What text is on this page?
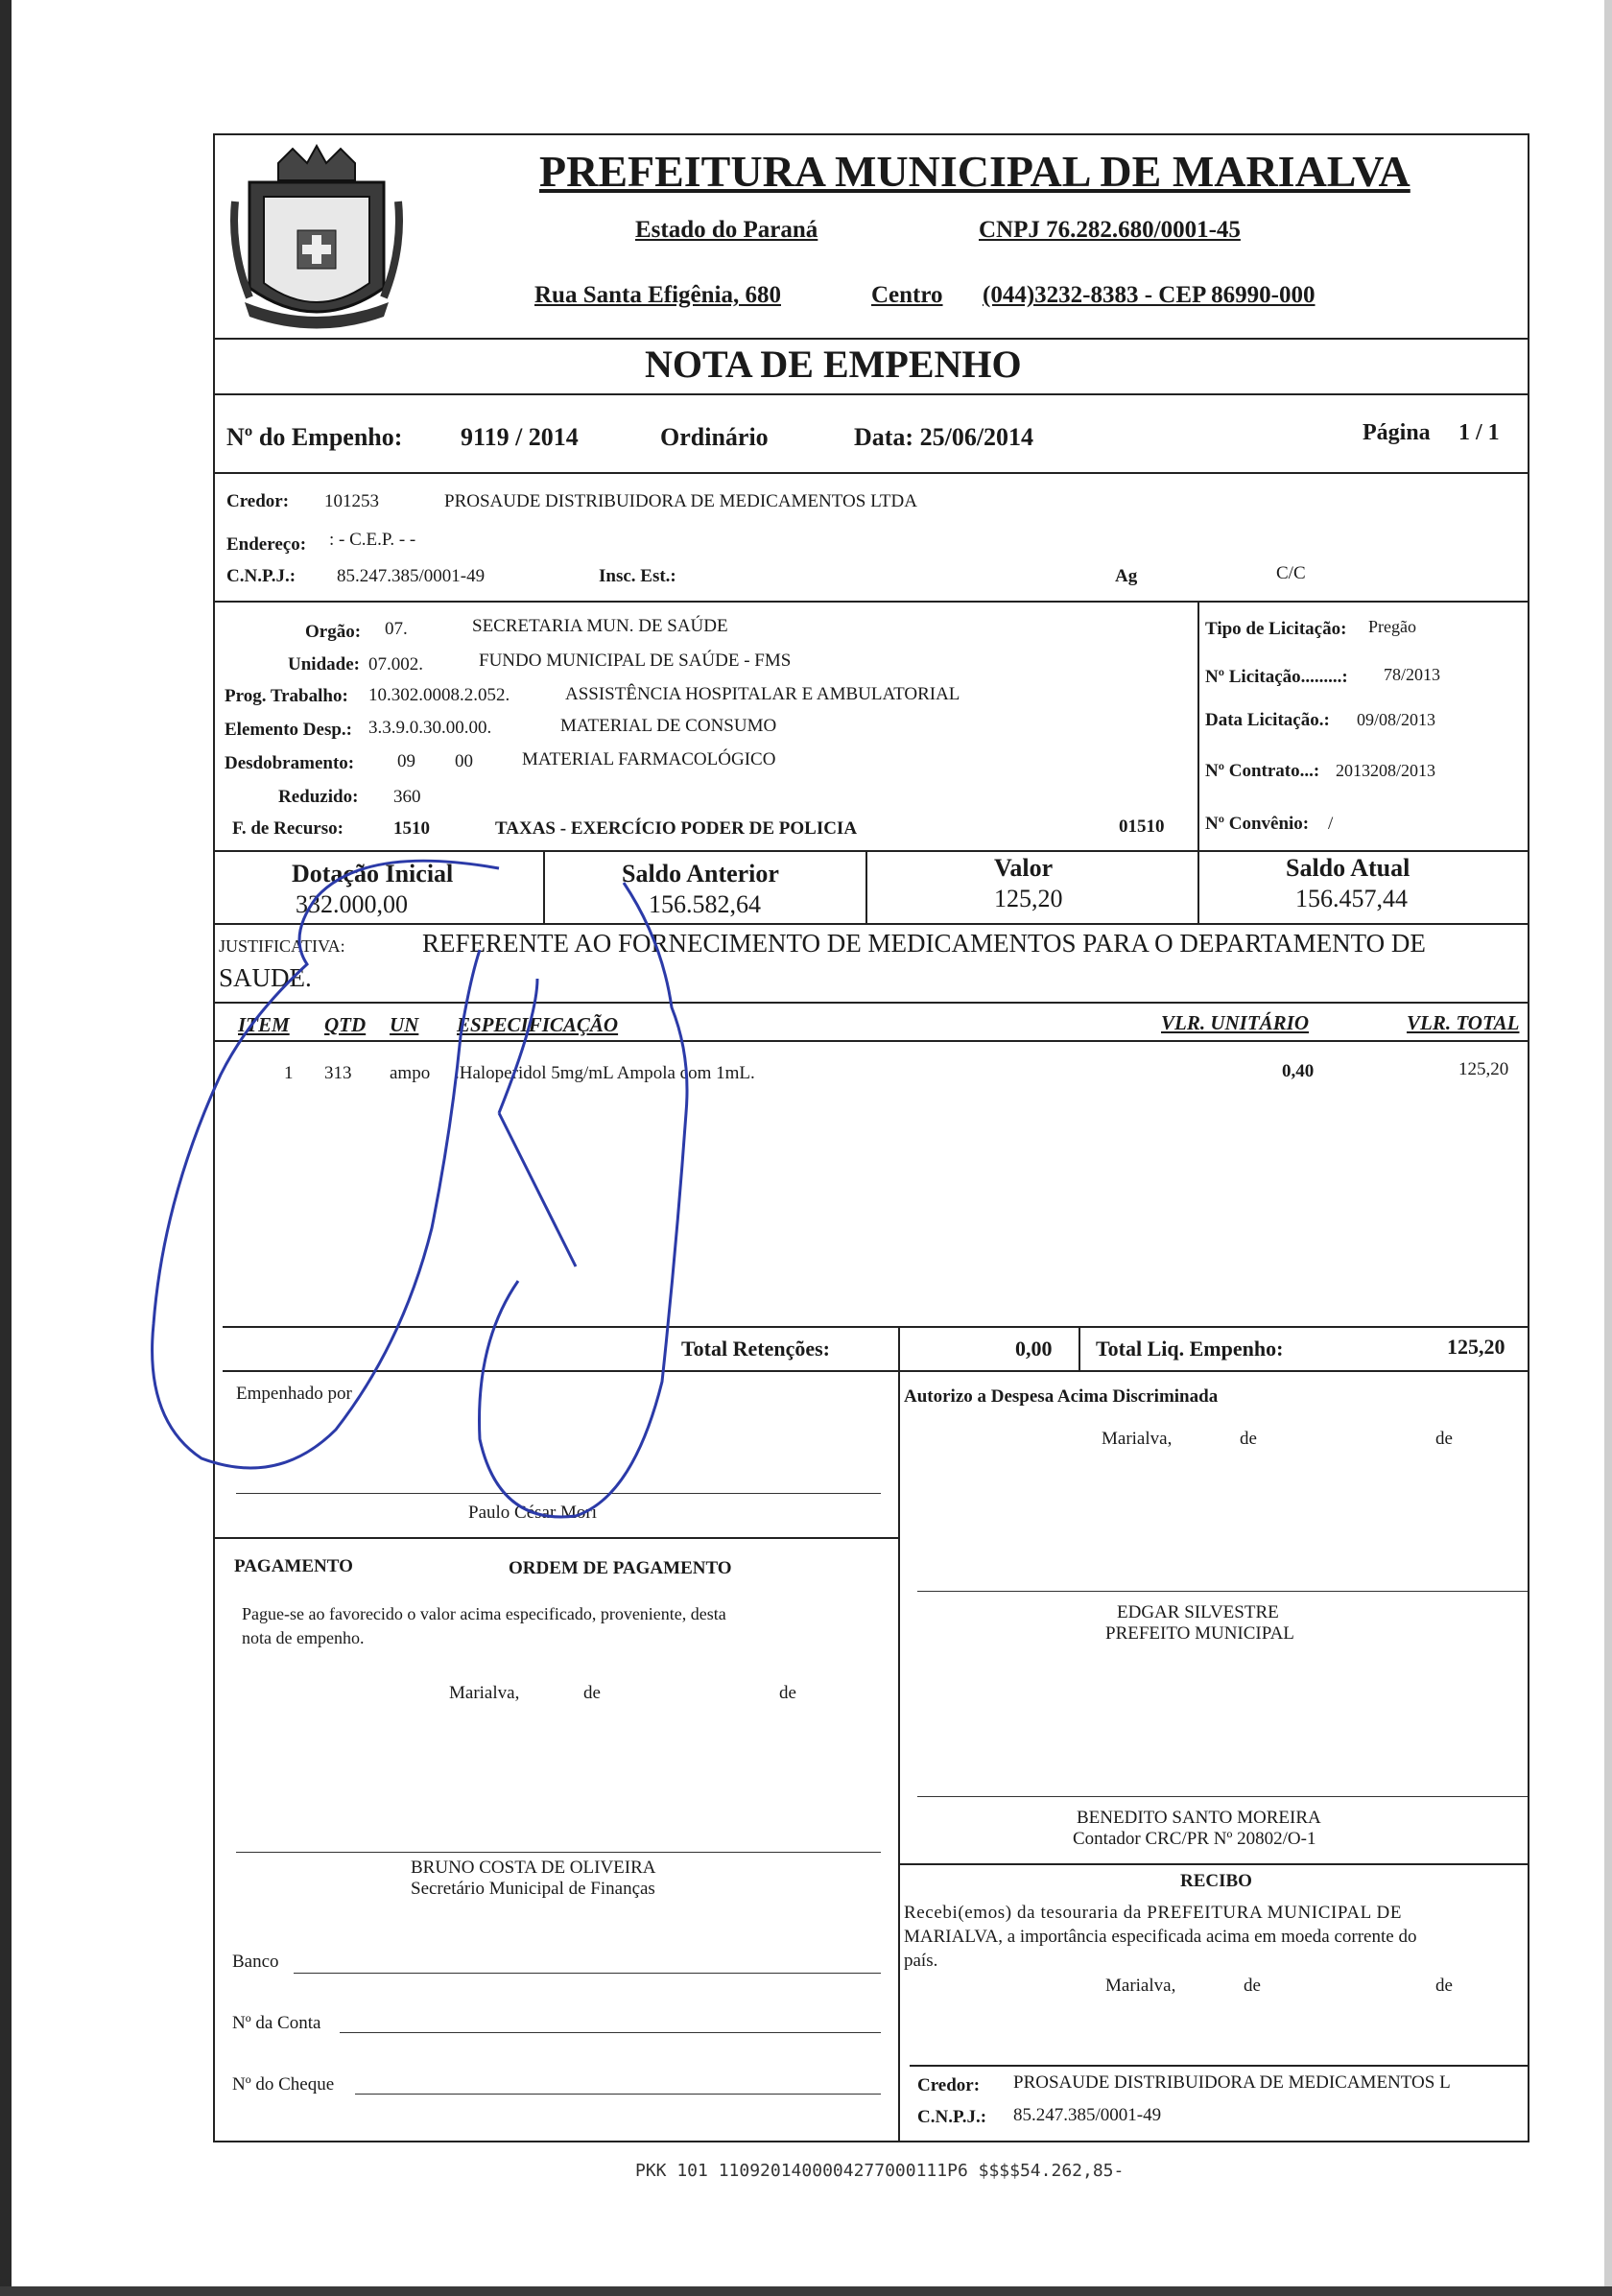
PREFEITURA MUNICIPAL DE MARIALVA
Estado do Paraná	CNPJ 76.282.680/0001-45
Rua Santa Efigênia, 680	Centro (044)3232-8383 - CEP 86990-000
NOTA DE EMPENHO
Nº do Empenho: 9119 / 2014	Ordinário	Data: 25/06/2014	Página 1 / 1
Credor: 101253	PROSAUDE DISTRIBUIDORA DE MEDICAMENTOS LTDA
Endereço: : - C.E.P. - -
C.N.P.J.: 85.247.385/0001-49	Insc. Est.:	Ag	C/C
Orgão: 07.	SECRETARIA MUN. DE SAÚDE
Unidade: 07.002.	FUNDO MUNICIPAL DE SAÚDE - FMS
Prog. Trabalho: 10.302.0008.2.052.	ASSISTÊNCIA HOSPITALAR E AMBULATORIAL
Elemento Desp.: 3.3.9.0.30.00.00.	MATERIAL DE CONSUMO
Desdobramento: 09 00	MATERIAL FARMACOLÓGICO
Reduzido: 360
F. de Recurso:	1510	TAXAS - EXERCÍCIO PODER DE POLICIA	01510
Tipo de Licitação: Pregão
Nº Licitação.........: 78/2013
Data Licitação.: 09/08/2013
Nº Contrato...: 2013208/2013
Nº Convênio: /
Dotação Inicial
332.000,00
Saldo Anterior
156.582,64
Valor
125,20
Saldo Atual
156.457,44
JUSTIFICATIVA:	REFERENTE AO FORNECIMENTO DE MEDICAMENTOS PARA O DEPARTAMENTO DE
SAUDE.
ITEM QTD UN ESPECIFICAÇÃO	VLR. UNITÁRIO	VLR. TOTAL
1 313 ampo .Haloperidol 5mg/mL Ampola com 1mL.	0,40	125,20
Total Retenções:	0,00 Total Liq. Empenho:	125,20
Empenhado por
Paulo César Mori
Autorizo a Despesa Acima Discriminada
Marialva,	de	de
EDGAR SILVESTRE
PREFEITO MUNICIPAL
PAGAMENTO	ORDEM DE PAGAMENTO
Pague-se ao favorecido o valor acima especificado, proveniente, desta
nota de empenho.
Marialva,	de	de
BRUNO COSTA DE OLIVEIRA
Secretário Municipal de Finanças
BENEDITO SANTO MOREIRA
Contador CRC/PR Nº 20802/O-1
RECIBO
Recebi(emos) da tesouraria da PREFEITURA MUNICIPAL DE
MARIALVA, a importância especificada acima em moeda corrente do
país.
Marialva,	de	de
Banco
Nº da Conta
Nº do Cheque	Credor: PROSAUDE DISTRIBUIDORA DE MEDICAMENTOS L
C.N.P.J.: 85.247.385/0001-49
PKK 101 1109201400004277000111P6 $$$$54.262,85-
